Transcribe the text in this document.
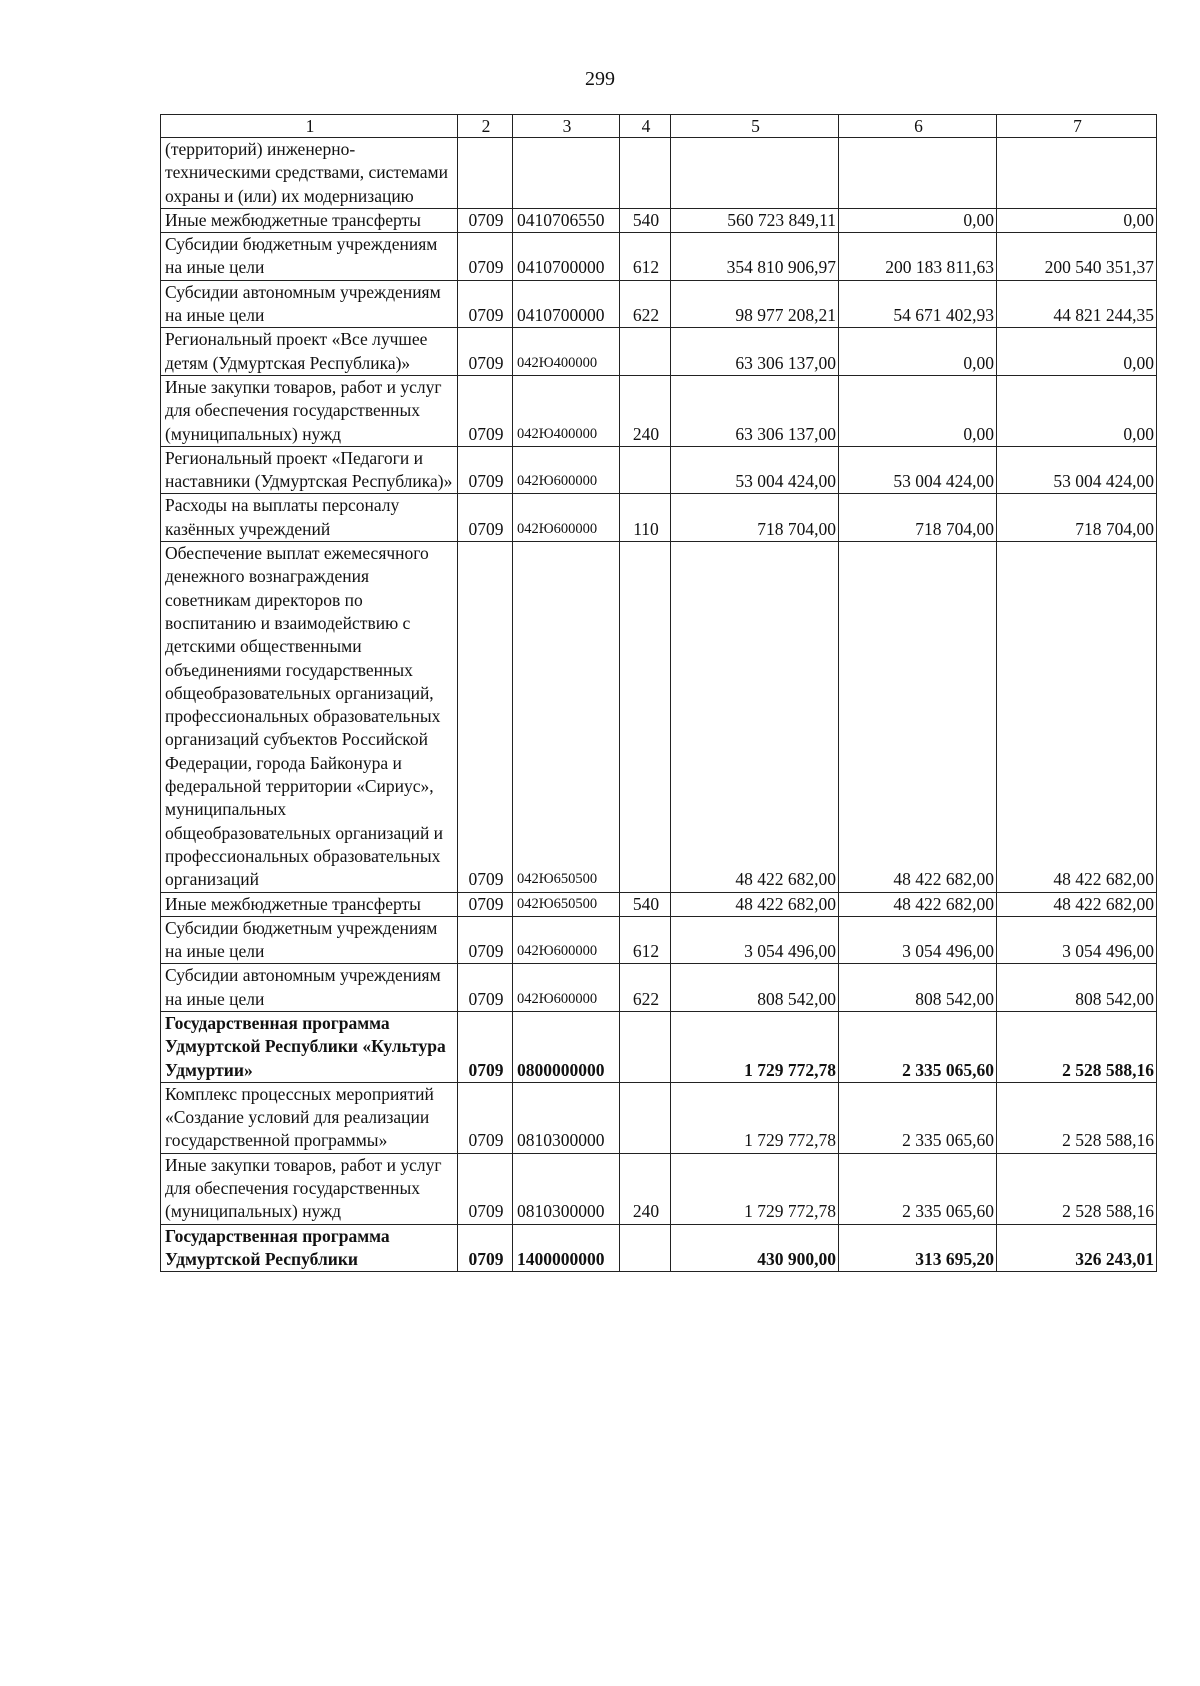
299
1	2	3	4	5	6	7
(территорий) инженерно-техническими средствами, системами охраны и (или) их модернизацию						
Иные межбюджетные трансферты	0709	0410706550	540	560 723 849,11	0,00	0,00
Субсидии бюджетным учреждениям на иные цели	0709	0410700000	612	354 810 906,97	200 183 811,63	200 540 351,37
Субсидии автономным учреждениям на иные цели	0709	0410700000	622	98 977 208,21	54 671 402,93	44 821 244,35
Региональный проект «Все лучшее детям (Удмуртская Республика)»	0709	042Ю400000		63 306 137,00	0,00	0,00
Иные закупки товаров, работ и услуг для обеспечения государственных (муниципальных) нужд	0709	042Ю400000	240	63 306 137,00	0,00	0,00
Региональный проект «Педагоги и наставники (Удмуртская Республика)»	0709	042Ю600000		53 004 424,00	53 004 424,00	53 004 424,00
Расходы на выплаты персоналу казённых учреждений	0709	042Ю600000	110	718 704,00	718 704,00	718 704,00
Обеспечение выплат ежемесячного денежного вознаграждения советникам директоров по воспитанию и взаимодействию с детскими общественными объединениями государственных общеобразовательных организаций, профессиональных образовательных организаций субъектов Российской Федерации, города Байконура и федеральной территории «Сириус», муниципальных общеобразовательных организаций и профессиональных образовательных организаций	0709	042Ю650500		48 422 682,00	48 422 682,00	48 422 682,00
Иные межбюджетные трансферты	0709	042Ю650500	540	48 422 682,00	48 422 682,00	48 422 682,00
Субсидии бюджетным учреждениям на иные цели	0709	042Ю600000	612	3 054 496,00	3 054 496,00	3 054 496,00
Субсидии автономным учреждениям на иные цели	0709	042Ю600000	622	808 542,00	808 542,00	808 542,00
Государственная программа Удмуртской Республики «Культура Удмуртии»	0709	0800000000		1 729 772,78	2 335 065,60	2 528 588,16
Комплекс процессных мероприятий «Создание условий для реализации государственной программы»	0709	0810300000		1 729 772,78	2 335 065,60	2 528 588,16
Иные закупки товаров, работ и услуг для обеспечения государственных (муниципальных) нужд	0709	0810300000	240	1 729 772,78	2 335 065,60	2 528 588,16
Государственная программа Удмуртской Республики	0709	1400000000		430 900,00	313 695,20	326 243,01
